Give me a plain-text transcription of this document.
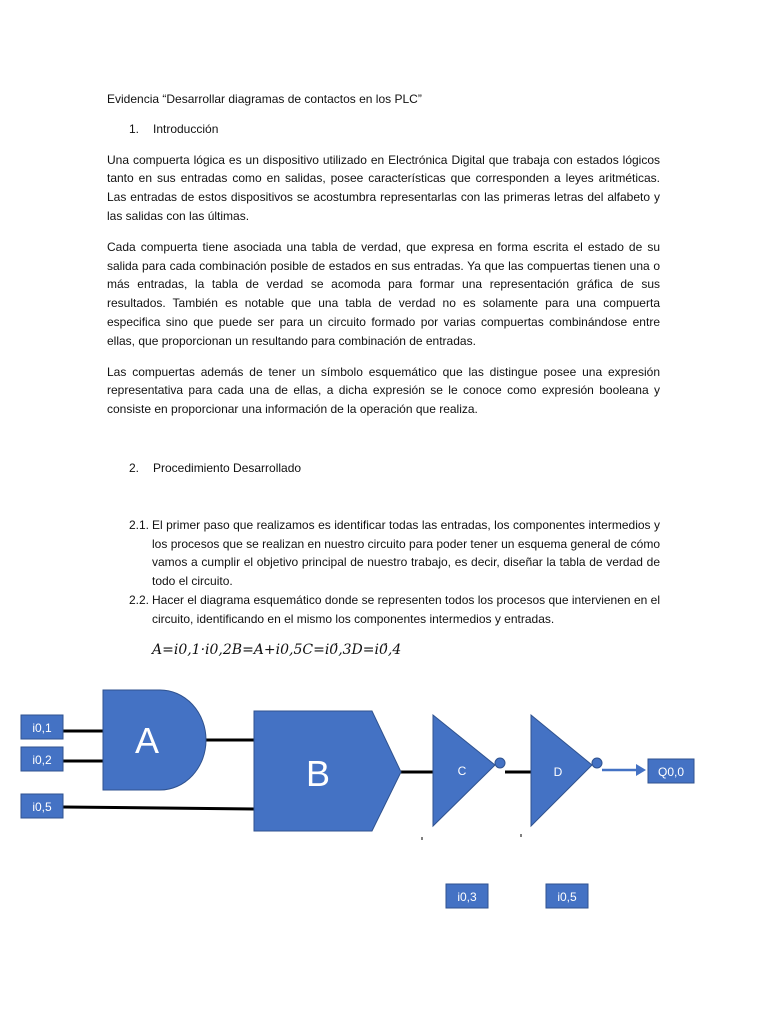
Evidencia “Desarrollar diagramas de contactos en los PLC”
1.	Introducción

Una compuerta lógica es un dispositivo utilizado en Electrónica Digital que trabaja con estados lógicos tanto en sus entradas como en salidas, posee características que corresponden a leyes aritméticas. Las entradas de estos dispositivos se acostumbra representarlas con las primeras letras del alfabeto y las salidas con las últimas.

Cada compuerta tiene asociada una tabla de verdad, que expresa en forma escrita el estado de su salida para cada combinación posible de estados en sus entradas. Ya que las compuertas tienen una o más entradas, la tabla de verdad se acomoda para formar una representación gráfica de sus resultados. También es notable que una tabla de verdad no es solamente para una compuerta especifica sino que puede ser para un circuito formado por varias compuertas combinándose entre ellas, que proporcionan un resultando para combinación de entradas.

Las compuertas además de tener un símbolo esquemático que las distingue posee una expresión representativa para cada una de ellas, a dicha expresión se le conoce como expresión booleana y consiste en proporcionar una información de la operación que realiza.

2.	Procedimiento Desarrollado
2.1. El primer paso que realizamos es identificar todas las entradas, los componentes intermedios y los procesos que se realizan en nuestro circuito para poder tener un esquema general de cómo vamos a cumplir el objetivo principal de nuestro trabajo, es decir, diseñar la tabla de verdad de todo el circuito.
2.2. Hacer el diagrama esquemático donde se representen todos los procesos que intervienen en el circuito, identificando en el mismo los componentes intermedios y entradas.
A=i0,1·i0,2B=A+i0,5C=i0́,3D=i0́,4
i0,1
i0,2
i0,5
A
B	C	D	Q0,0
i0,3	i0,5
